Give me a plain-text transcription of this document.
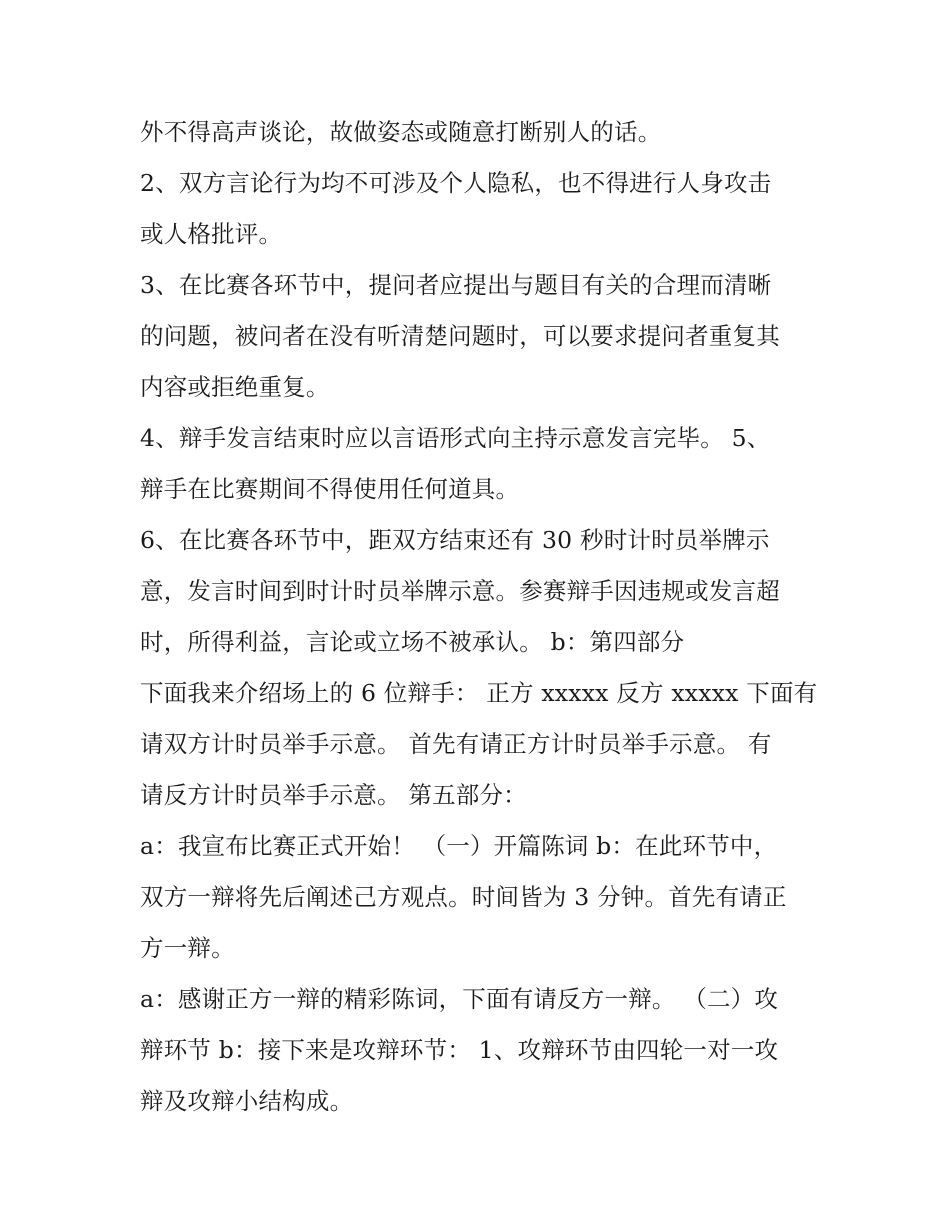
外不得高声谈论，故做姿态或随意打断别人的话。
2、双方言论行为均不可涉及个人隐私，也不得进行人身攻击
或人格批评。
3、在比赛各环节中，提问者应提出与题目有关的合理而清晰
的问题，被问者在没有听清楚问题时，可以要求提问者重复其
内容或拒绝重复。
4、辩手发言结束时应以言语形式向主持示意发言完毕。 5、
辩手在比赛期间不得使用任何道具。
6、在比赛各环节中，距双方结束还有 30 秒时计时员举牌示
意，发言时间到时计时员举牌示意。参赛辩手因违规或发言超
时，所得利益，言论或立场不被承认。 b：第四部分
下面我来介绍场上的 6 位辩手： 正方 xxxxx 反方 xxxxx 下面有
请双方计时员举手示意。 首先有请正方计时员举手示意。 有
请反方计时员举手示意。 第五部分：
a：我宣布比赛正式开始！ （一）开篇陈词 b：在此环节中，
双方一辩将先后阐述己方观点。时间皆为 3 分钟。首先有请正
方一辩。
a：感谢正方一辩的精彩陈词，下面有请反方一辩。 （二）攻
辩环节 b：接下来是攻辩环节： 1、攻辩环节由四轮一对一攻
辩及攻辩小结构成。
